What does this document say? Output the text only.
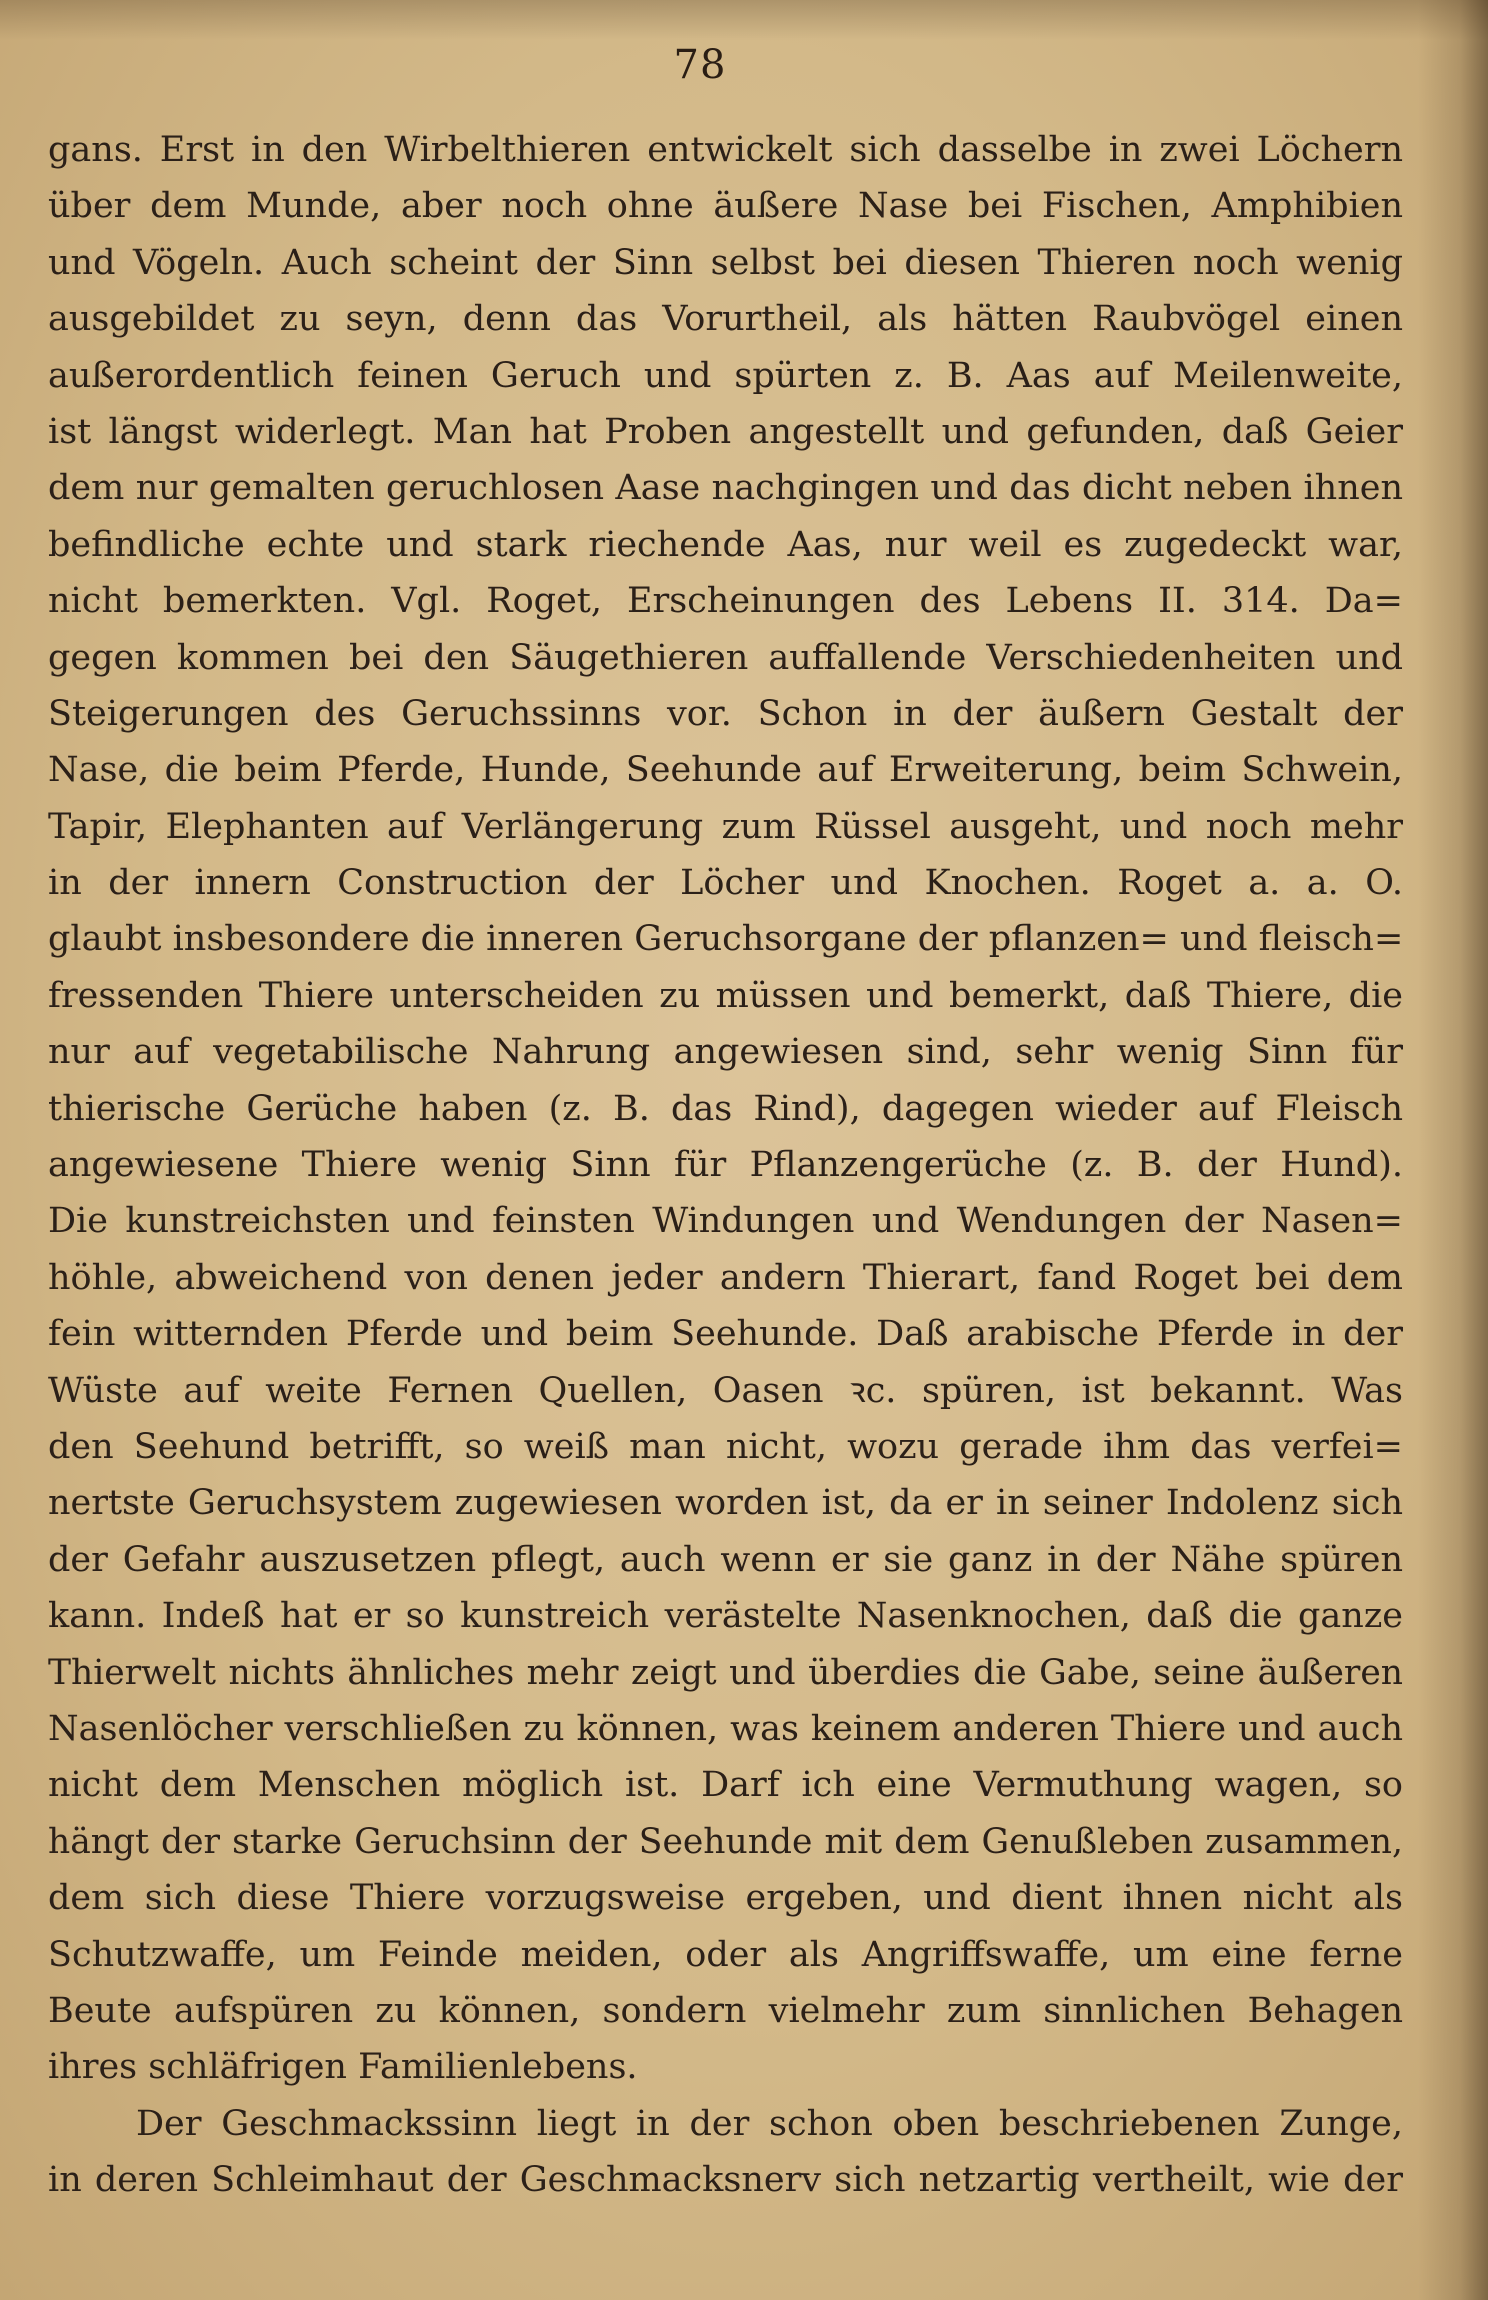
78
gans. Erst in den Wirbelthieren entwickelt sich dasselbe in zwei Löchern
über dem Munde, aber noch ohne äußere Nase bei Fischen, Amphibien
und Vögeln. Auch scheint der Sinn selbst bei diesen Thieren noch wenig
ausgebildet zu seyn, denn das Vorurtheil, als hätten Raubvögel einen
außerordentlich feinen Geruch und spürten z. B. Aas auf Meilenweite,
ist längst widerlegt. Man hat Proben angestellt und gefunden, daß Geier
dem nur gemalten geruchlosen Aase nachgingen und das dicht neben ihnen
befindliche echte und stark riechende Aas, nur weil es zugedeckt war,
nicht bemerkten. Vgl. Roget, Erscheinungen des Lebens II. 314. Da=
gegen kommen bei den Säugethieren auffallende Verschiedenheiten und
Steigerungen des Geruchssinns vor. Schon in der äußern Gestalt der
Nase, die beim Pferde, Hunde, Seehunde auf Erweiterung, beim Schwein,
Tapir, Elephanten auf Verlängerung zum Rüssel ausgeht, und noch mehr
in der innern Construction der Löcher und Knochen. Roget a. a. O.
glaubt insbesondere die inneren Geruchsorgane der pflanzen= und fleisch=
fressenden Thiere unterscheiden zu müssen und bemerkt, daß Thiere, die
nur auf vegetabilische Nahrung angewiesen sind, sehr wenig Sinn für
thierische Gerüche haben (z. B. das Rind), dagegen wieder auf Fleisch
angewiesene Thiere wenig Sinn für Pflanzengerüche (z. B. der Hund).
Die kunstreichsten und feinsten Windungen und Wendungen der Nasen=
höhle, abweichend von denen jeder andern Thierart, fand Roget bei dem
fein witternden Pferde und beim Seehunde. Daß arabische Pferde in der
Wüste auf weite Fernen Quellen, Oasen ꝛc. spüren, ist bekannt. Was
den Seehund betrifft, so weiß man nicht, wozu gerade ihm das verfei=
nertste Geruchsystem zugewiesen worden ist, da er in seiner Indolenz sich
der Gefahr auszusetzen pflegt, auch wenn er sie ganz in der Nähe spüren
kann. Indeß hat er so kunstreich verästelte Nasenknochen, daß die ganze
Thierwelt nichts ähnliches mehr zeigt und überdies die Gabe, seine äußeren
Nasenlöcher verschließen zu können, was keinem anderen Thiere und auch
nicht dem Menschen möglich ist. Darf ich eine Vermuthung wagen, so
hängt der starke Geruchsinn der Seehunde mit dem Genußleben zusammen,
dem sich diese Thiere vorzugsweise ergeben, und dient ihnen nicht als
Schutzwaffe, um Feinde meiden, oder als Angriffswaffe, um eine ferne
Beute aufspüren zu können, sondern vielmehr zum sinnlichen Behagen
ihres schläfrigen Familienlebens.
Der Geschmackssinn liegt in der schon oben beschriebenen Zunge,
in deren Schleimhaut der Geschmacksnerv sich netzartig vertheilt, wie der
